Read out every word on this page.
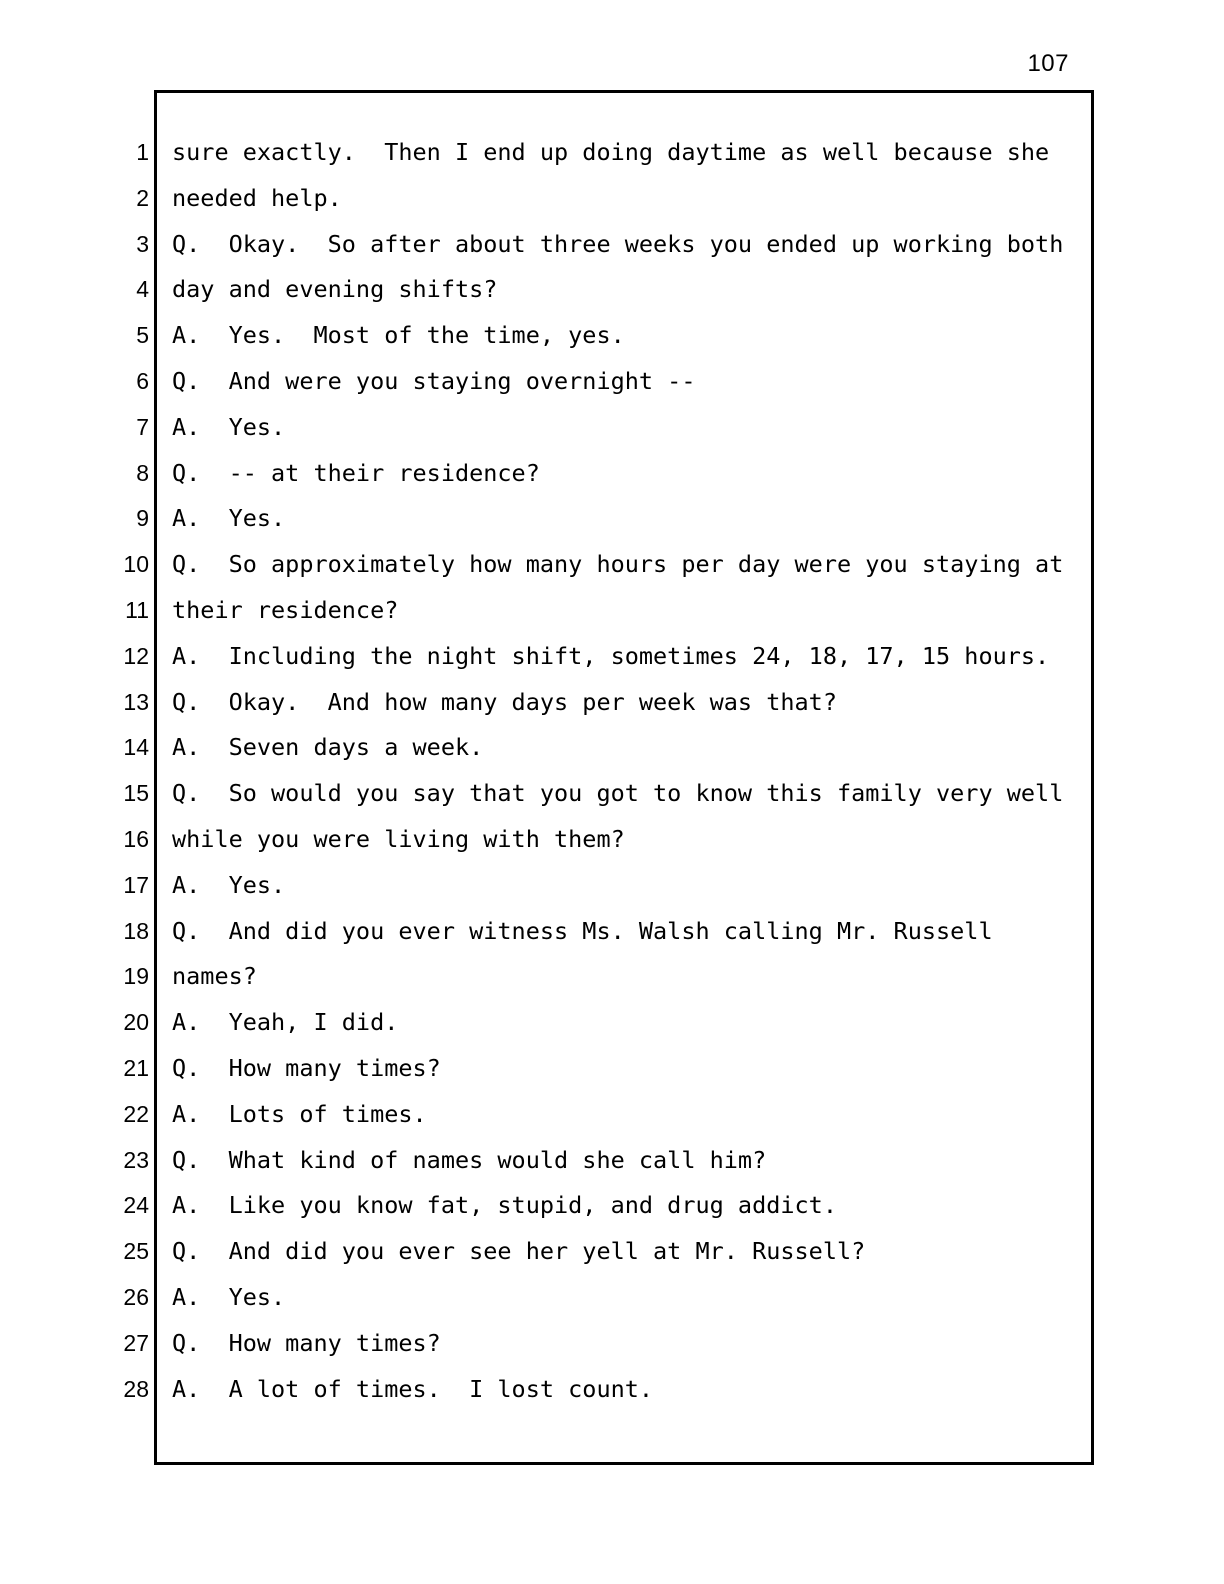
107
1 sure exactly.  Then I end up doing daytime as well because she
2 needed help.
3 Q.  Okay.  So after about three weeks you ended up working both
4 day and evening shifts?
5 A.  Yes.  Most of the time, yes.
6 Q.  And were you staying overnight --
7 A.  Yes.
8 Q.  -- at their residence?
9 A.  Yes.
10 Q.  So approximately how many hours per day were you staying at
11 their residence?
12 A.  Including the night shift, sometimes 24, 18, 17, 15 hours.
13 Q.  Okay.  And how many days per week was that?
14 A.  Seven days a week.
15 Q.  So would you say that you got to know this family very well
16 while you were living with them?
17 A.  Yes.
18 Q.  And did you ever witness Ms. Walsh calling Mr. Russell
19 names?
20 A.  Yeah, I did.
21 Q.  How many times?
22 A.  Lots of times.
23 Q.  What kind of names would she call him?
24 A.  Like you know fat, stupid, and drug addict.
25 Q.  And did you ever see her yell at Mr. Russell?
26 A.  Yes.
27 Q.  How many times?
28 A.  A lot of times.  I lost count.
